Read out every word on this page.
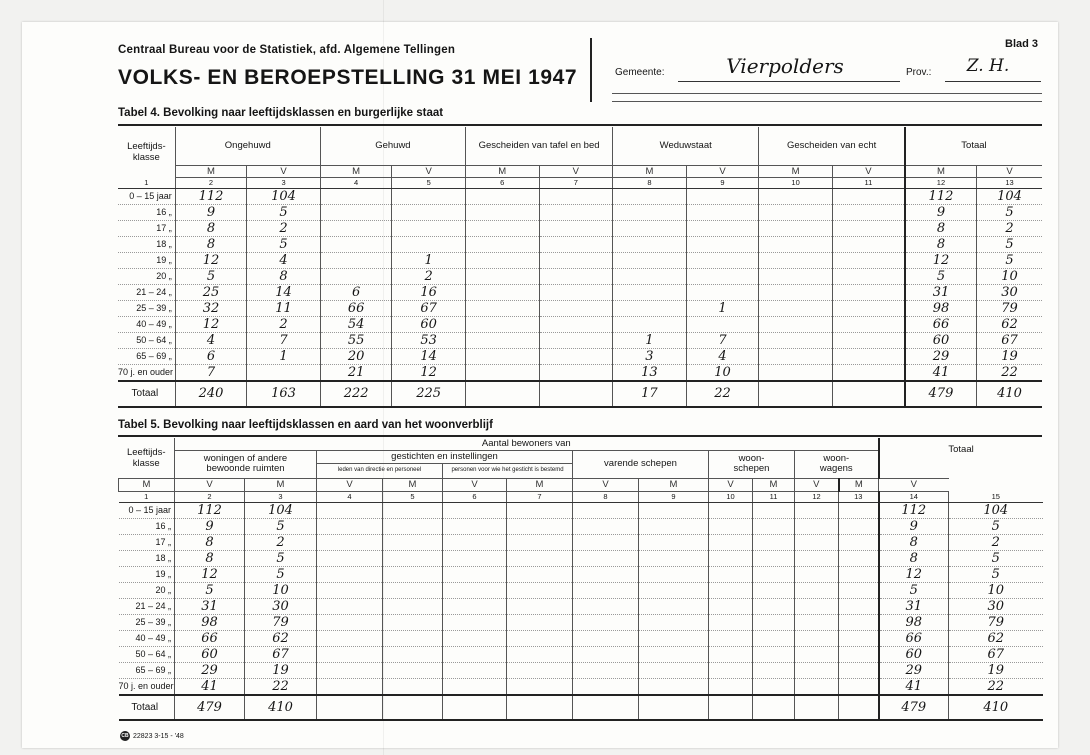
Centraal Bureau voor de Statistiek, afd. Algemene Tellingen
VOLKS- EN BEROEPSTELLING 31 MEI 1947
Blad 3
Gemeente:	Vierpolders	Prov.:	Z. H.
Tabel 4. Bevolking naar leeftijdsklassen en burgerlijke staat
Leeftijds-klasse	Ongehuwd		Gehuwd		Gescheiden van tafel en bed		Weduwstaat		Gescheiden van echt		Totaal	
	M	V	M	V	M	V	M	V	M	V	M	V
1	2	3	4	5	6	7	8	9	10	11	12	13
0 – 15 jaar	112	104									112	104
16 „	9	5									9	5
17 „	8	2									8	2
18 „	8	5									8	5
19 „	12	4		1							12	5
20 „	5	8		2							5	10
21 – 24 „	25	14	6	16							31	30
25 – 39 „	32	11	66	67				1			98	79
40 – 49 „	12	2	54	60							66	62
50 – 64 „	4	7	55	53			1	7			60	67
65 – 69 „	6	1	20	14			3	4			29	19
70 j. en ouder	7		21	12			13	10			41	22
Totaal	240	163	222	225			17	22			479	410
Tabel 5. Bevolking naar leeftijdsklassen en aard van het woonverblijf
Leeftijds-klasse	Aantal bewoners van												Totaal	
	woningen of andere bewoonde ruimten		gestichten en instellingen				varende schepen		woon-schepen		woon-wagens			
			leden van directie en personeel		personen voor wie het gesticht is bestemd									
M	V	M	V	M	V	M	V	M	V	M	V	M	V	
1	2	3	4	5	6	7	8	9	10	11	12	13	14	15
0 – 15 jaar	112	104											112	104
16 „	9	5											9	5
17 „	8	2											8	2
18 „	8	5											8	5
19 „	12	5											12	5
20 „	5	10											5	10
21 – 24 „	31	30											31	30
25 – 39 „	98	79											98	79
40 – 49 „	66	62											66	62
50 – 64 „	60	67											60	67
65 – 69 „	29	19											29	19
70 j. en ouder	41	22											41	22
Totaal	479	410											479	410
CB 22823 3-15 - '48
